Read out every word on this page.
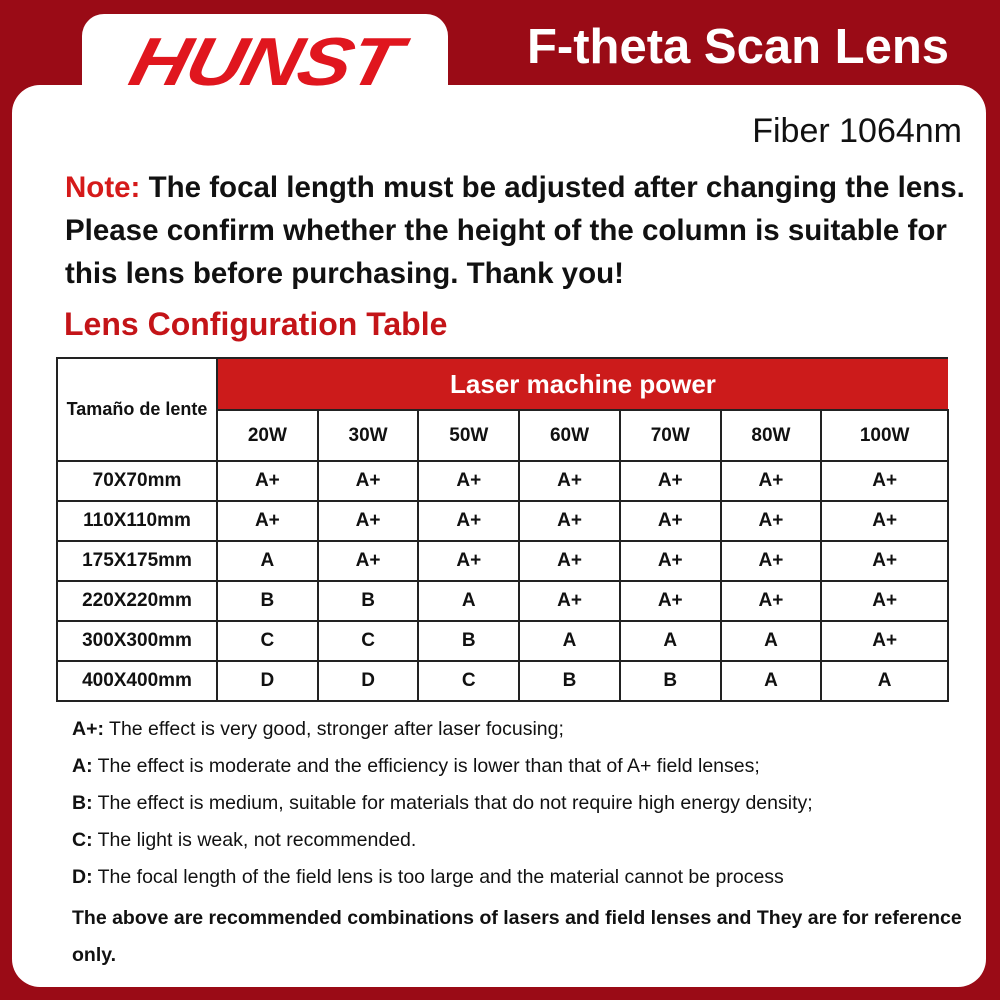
HUNST	F-theta Scan Lens
Fiber 1064nm
Note: The focal length must be adjusted after changing the lens. Please confirm whether the height of the column is suitable for this lens before purchasing. Thank you!
Lens Configuration Table
Tamaño de lente	Laser machine power						
	20W	30W	50W	60W	70W	80W	100W
70X70mm	A+	A+	A+	A+	A+	A+	A+
110X110mm	A+	A+	A+	A+	A+	A+	A+
175X175mm	A	A+	A+	A+	A+	A+	A+
220X220mm	B	B	A	A+	A+	A+	A+
300X300mm	C	C	B	A	A	A	A+
400X400mm	D	D	C	B	B	A	A
A+: The effect is very good, stronger after laser focusing;
A: The effect is moderate and the efficiency is lower than that of A+ field lenses;
B: The effect is medium, suitable for materials that do not require high energy density;
C: The light is weak, not recommended.
D: The focal length of the field lens is too large and the material cannot be process
The above are recommended combinations of lasers and field lenses and They are for reference only.
